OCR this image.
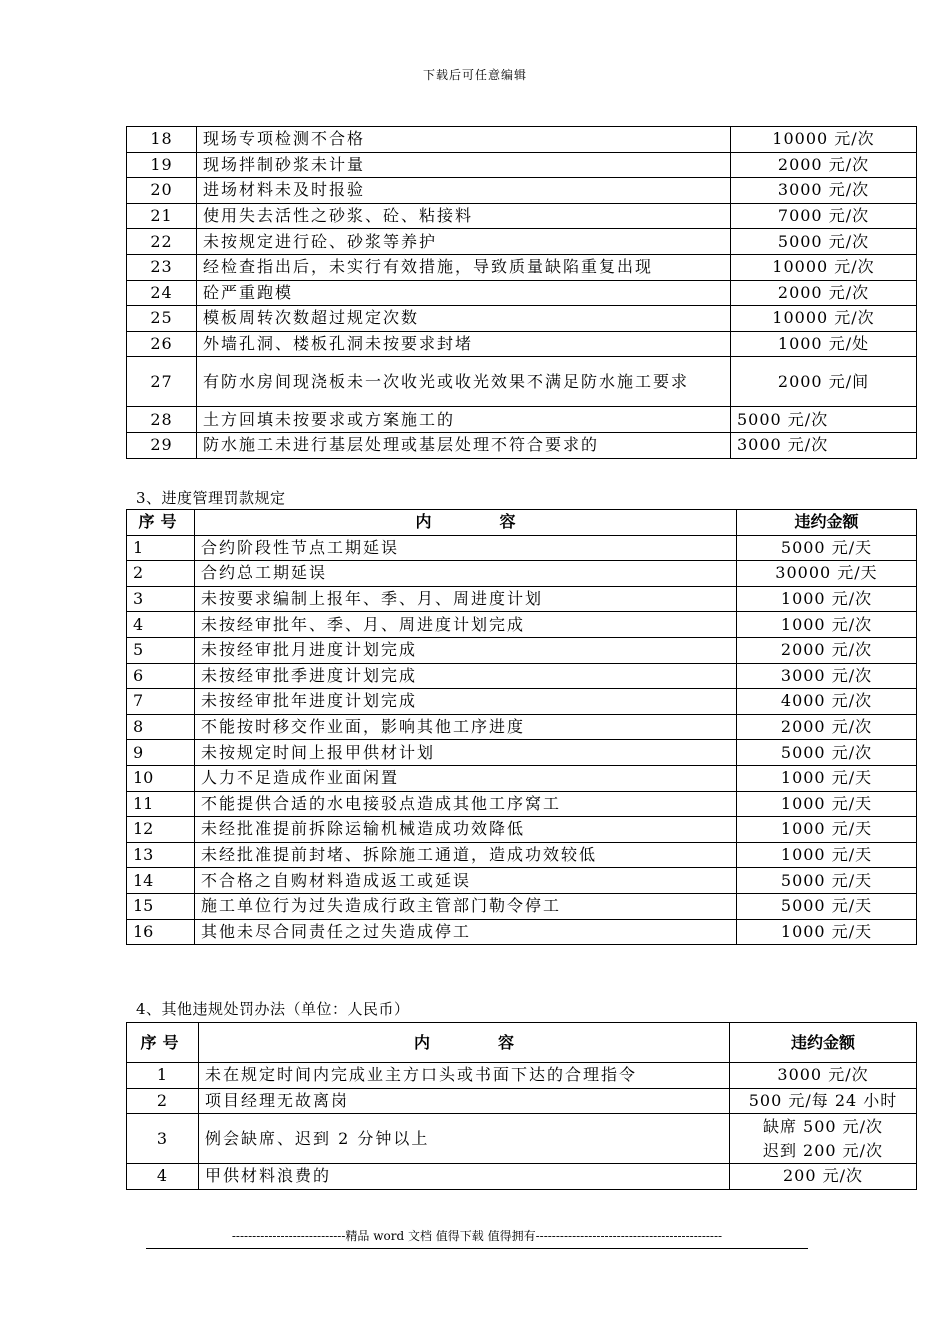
下载后可任意编辑
18	现场专项检测不合格	10000 元/次
19	现场拌制砂浆未计量	2000 元/次
20	进场材料未及时报验	3000 元/次
21	使用失去活性之砂浆、砼、粘接料	7000 元/次
22	未按规定进行砼、砂浆等养护	5000 元/次
23	经检查指出后，未实行有效措施，导致质量缺陷重复出现	10000 元/次
24	砼严重跑模	2000 元/次
25	模板周转次数超过规定次数	10000 元/次
26	外墙孔洞、楼板孔洞未按要求封堵	1000 元/处
27	有防水房间现浇板未一次收光或收光效果不满足防水施工要求	2000 元/间
28	土方回填未按要求或方案施工的	5000 元/次
29	防水施工未进行基层处理或基层处理不符合要求的	3000 元/次
3、进度管理罚款规定
序号	内 容	违约金额
1	合约阶段性节点工期延误	5000 元/天
2	合约总工期延误	30000 元/天
3	未按要求编制上报年、季、月、周进度计划	1000 元/次
4	未按经审批年、季、月、周进度计划完成	1000 元/次
5	未按经审批月进度计划完成	2000 元/次
6	未按经审批季进度计划完成	3000 元/次
7	未按经审批年进度计划完成	4000 元/次
8	不能按时移交作业面，影响其他工序进度	2000 元/次
9	未按规定时间上报甲供材计划	5000 元/次
10	人力不足造成作业面闲置	1000 元/天
11	不能提供合适的水电接驳点造成其他工序窝工	1000 元/天
12	未经批准提前拆除运输机械造成功效降低	1000 元/天
13	未经批准提前封堵、拆除施工通道，造成功效较低	1000 元/天
14	不合格之自购材料造成返工或延误	5000 元/天
15	施工单位行为过失造成行政主管部门勒令停工	5000 元/天
16	其他未尽合同责任之过失造成停工	1000 元/天
4、其他违规处罚办法（单位：人民币）
序号	内 容	违约金额
1	未在规定时间内完成业主方口头或书面下达的合理指令	3000 元/次
2	项目经理无故离岗	500 元/每 24 小时
3	例会缺席、迟到 2 分钟以上	缺席 500 元/次
迟到 200 元/次

4	甲供材料浪费的	200 元/次
----------------------------精品 word 文档 值得下载 值得拥有----------------------------------------------
